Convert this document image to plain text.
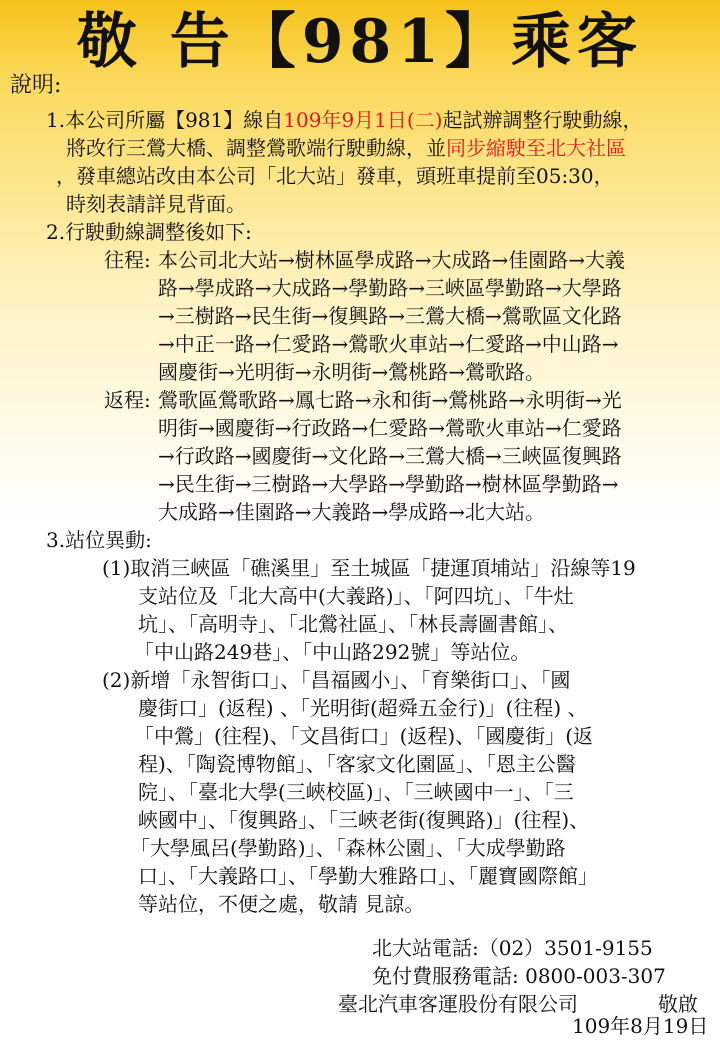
敬 告【981】乘客
說明:
1.本公司所屬【981】線自109年9月1日(二)起試辦調整行駛動線，
將改行三鶯大橋、調整鶯歌端行駛動線，並同步縮駛至北大社區
，發車總站改由本公司「北大站」發車，頭班車提前至05:30，
時刻表請詳見背面。
2.行駛動線調整後如下:
往程: 本公司北大站→樹林區學成路→大成路→佳園路→大義
路→學成路→大成路→學勤路→三峽區學勤路→大學路
→三樹路→民生街→復興路→三鶯大橋→鶯歌區文化路
→中正一路→仁愛路→鶯歌火車站→仁愛路→中山路→
國慶街→光明街→永明街→鶯桃路→鶯歌路。
返程: 鶯歌區鶯歌路→鳳七路→永和街→鶯桃路→永明街→光
明街→國慶街→行政路→仁愛路→鶯歌火車站→仁愛路
→行政路→國慶街→文化路→三鶯大橋→三峽區復興路
→民生街→三樹路→大學路→學勤路→樹林區學勤路→
大成路→佳園路→大義路→學成路→北大站。
3.站位異動:
(1)取消三峽區「礁溪里」至土城區「捷運頂埔站」沿線等19
支站位及「北大高中(大義路)」、「阿四坑」、「牛灶
坑」、「高明寺」、「北鶯社區」、「林長壽圖書館」、
「中山路249巷」、「中山路292號」等站位。
(2)新增「永智街口」、「昌福國小」、「育樂街口」、「國
慶街口」(返程) 、「光明街(超舜五金行)」(往程) 、
「中鶯」(往程)、「文昌街口」(返程)、「國慶街」(返
程)、「陶瓷博物館」、「客家文化園區」、「恩主公醫
院」、「臺北大學(三峽校區)」、「三峽國中一」、「三
峽國中」、「復興路」、「三峽老街(復興路)」(往程)、
「大學風呂(學勤路)」、「森林公園」、「大成學勤路
口」、「大義路口」、「學勤大雅路口」、「麗寶國際館」
等站位，不便之處，敬請 見諒。
北大站電話:（02）3501-9155
免付費服務電話: 0800-003-307
臺北汽車客運股份有限公司	敬啟
109年8月19日
